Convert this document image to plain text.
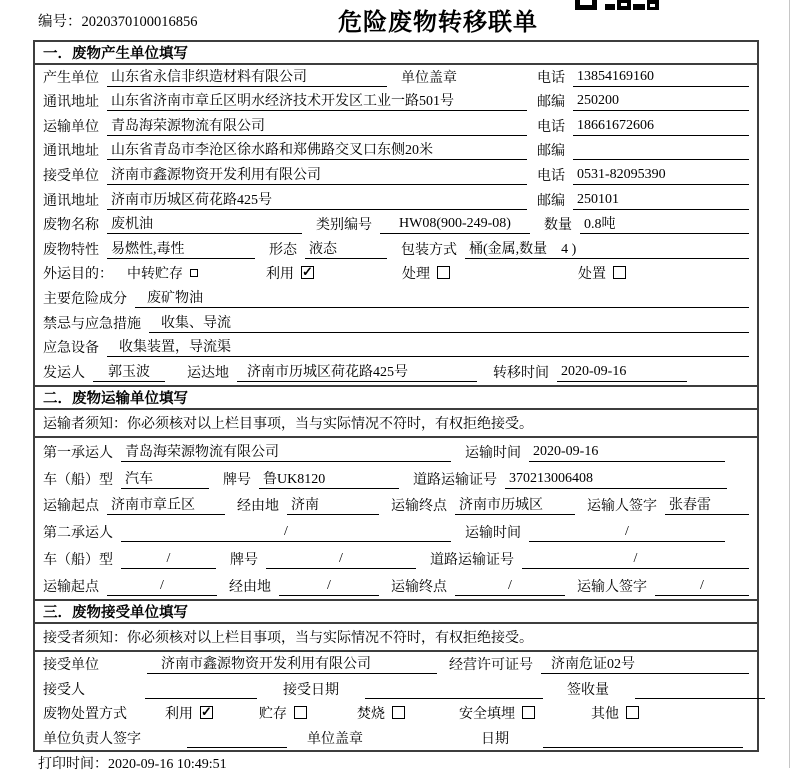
编号：2020370100016856	危险废物转移联单
一．废物产生单位填写
产生单位 山东省永信非织造材料有限公司	单位盖章	电话 13854169160
通讯地址 山东省济南市章丘区明水经济技术开发区工业一路501号	邮编 250200
运输单位 青岛海荣源物流有限公司	电话 18661672606
通讯地址 山东省青岛市李沧区徐水路和郑佛路交叉口东侧20米	邮编
接受单位 济南市鑫源物资开发利用有限公司	电话 0531-82095390
通讯地址 济南市历城区荷花路425号	邮编 250101
废物名称 废机油	类别编号	HW08(900-249-08)	数量 0.8吨
废物特性 易燃性,毒性	形态 液态	包装方式 桶(金属,数量　4 )
外运目的： 中转贮存	利用 ✓	处理	处置
主要危险成分	废矿物油
禁忌与应急措施	收集、导流
应急设备	收集装置，导流渠
发运人	郭玉波	运达地	济南市历城区荷花路425号	转移时间 2020-09-16
二．废物运输单位填写
运输者须知：你必须核对以上栏目事项，当与实际情况不符时，有权拒绝接受。
第一承运人 青岛海荣源物流有限公司	运输时间 2020-09-16
车（船）型 汽车	牌号 鲁UK8120	道路运输证号 370213006408
运输起点 济南市章丘区	经由地 济南	运输终点 济南市历城区	运输人签字 张春雷
第二承运人	/	运输时间	/
车（船）型	/	牌号	/	道路运输证号	/
运输起点	/	经由地	/	运输终点	/	运输人签字	/
三．废物接受单位填写
接受者须知：你必须核对以上栏目事项，当与实际情况不符时，有权拒绝接受。
接受单位	济南市鑫源物资开发利用有限公司	经营许可证号	济南危证02号
接受人	接受日期	签收量
废物处置方式	利用 ✓	贮存	焚烧	安全填埋	其他
单位负责人签字	单位盖章	日期
打印时间：2020-09-16 10:49:51
